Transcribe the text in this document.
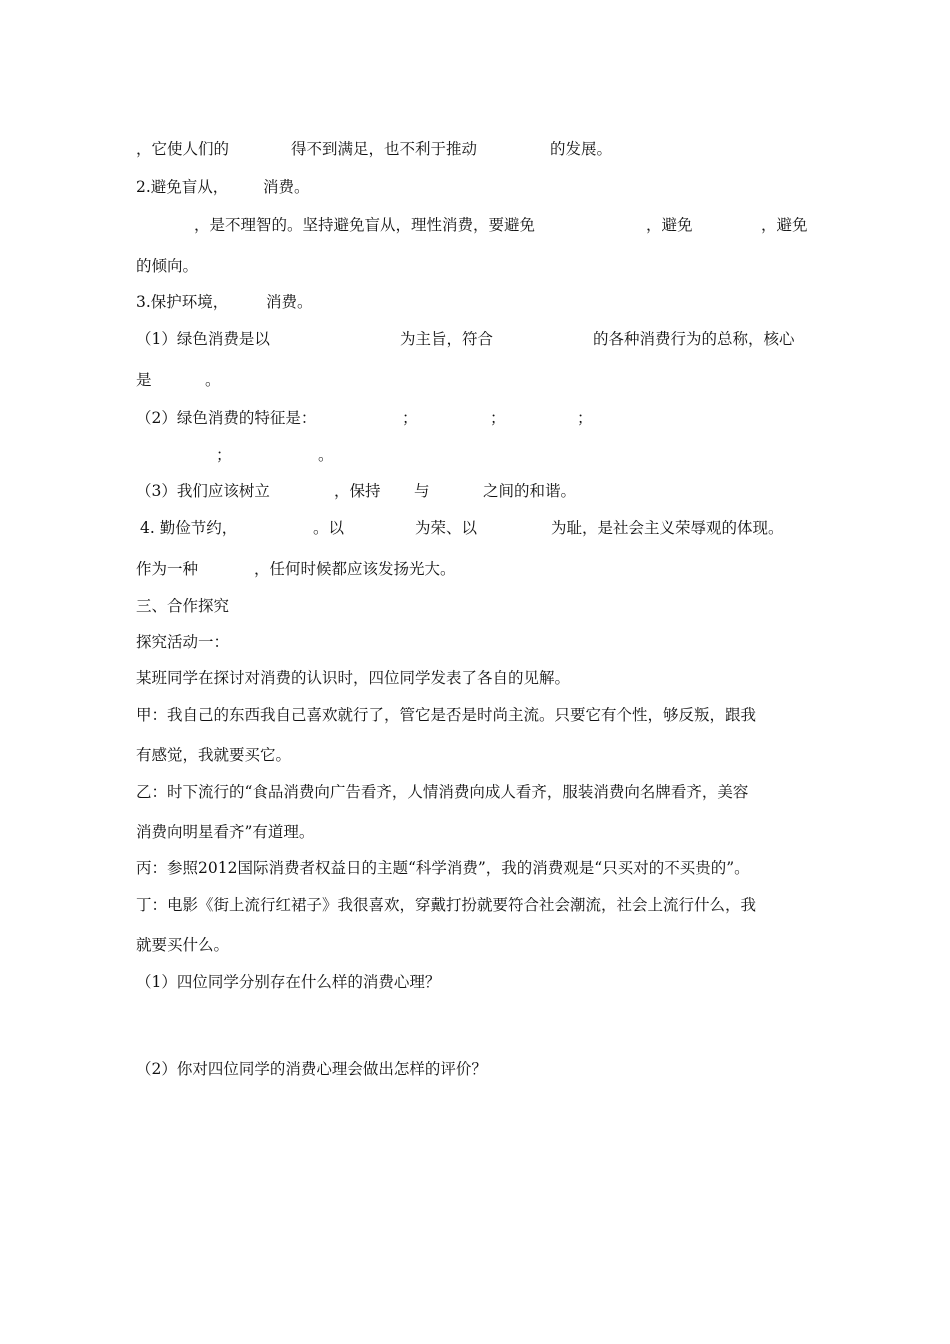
，它使人们的	得不到满足，也不利于推动	的发展。
2.避免盲从， 消费。
，是不理智的。坚持避免盲从，理性消费，要避免	，避免	，避免
的倾向。
3.保护环境， 消费。
（1）绿色消费是以	为主旨，符合	的各种消费行为的总称，核心
是	。
（2）绿色消费的特征是：	；	；	；
；	。
（3）我们应该树立	，保持 与	之间的和谐。
4. 勤俭节约，	。以	为荣、以	为耻，是社会主义荣辱观的体现。
作为一种	，任何时候都应该发扬光大。
三、合作探究
探究活动一：
某班同学在探讨对消费的认识时，四位同学发表了各自的见解。
甲：我自己的东西我自己喜欢就行了，管它是否是时尚主流。只要它有个性，够反叛，跟我
有感觉，我就要买它。
乙：时下流行的“食品消费向广告看齐，人情消费向成人看齐，服装消费向名牌看齐，美容
消费向明星看齐”有道理。
丙：参照2012国际消费者权益日的主题“科学消费”，我的消费观是“只买对的不买贵的”。
丁：电影《街上流行红裙子》我很喜欢，穿戴打扮就要符合社会潮流，社会上流行什么，我
就要买什么。
（1）四位同学分别存在什么样的消费心理？
（2）你对四位同学的消费心理会做出怎样的评价？
